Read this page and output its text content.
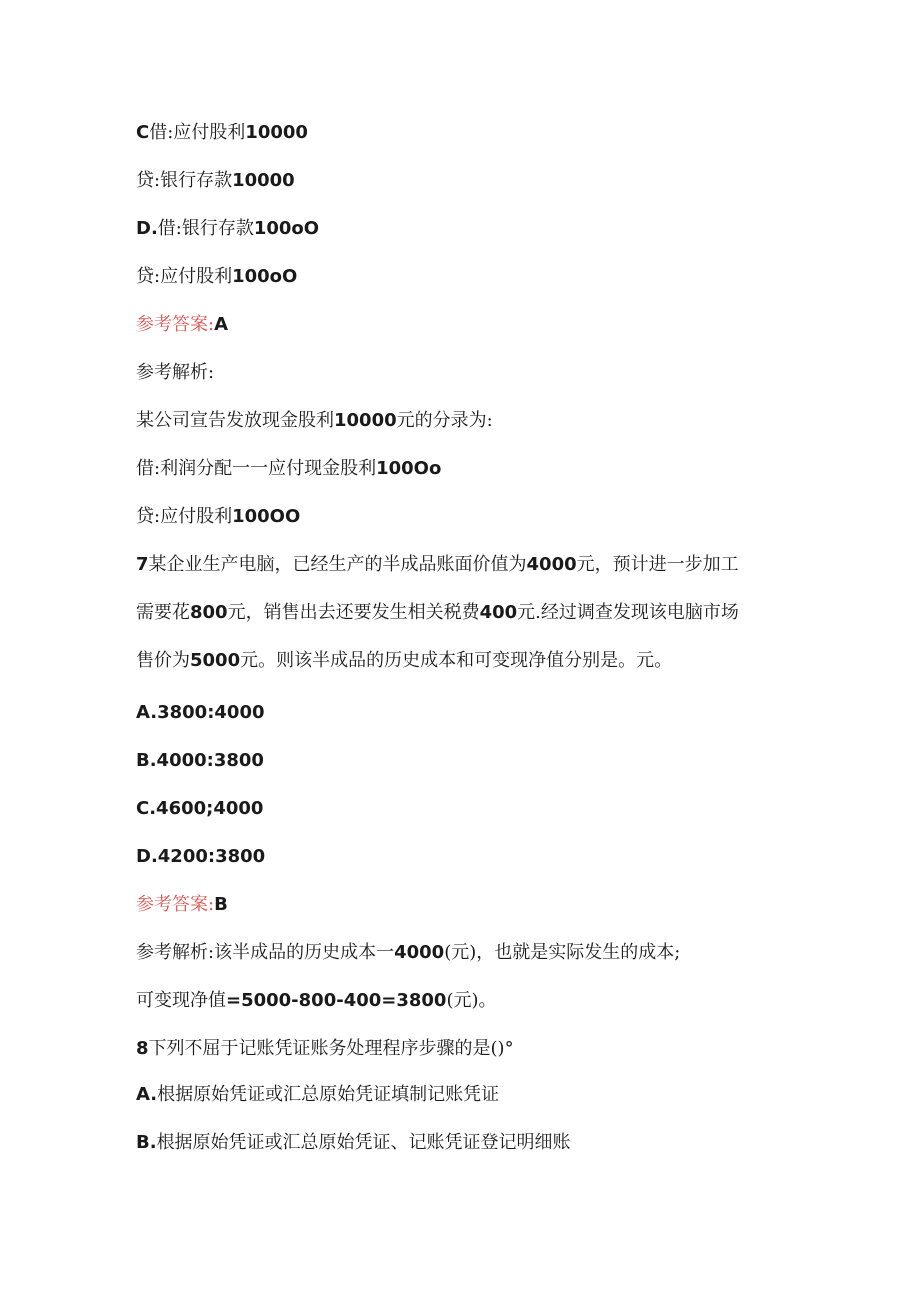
C借:应付股利10000
贷:银行存款10000
D.借:银行存款100oO
贷:应付股利100oO
参考答案:A
参考解析:
某公司宣告发放现金股利10000元的分录为:
借:利润分配一一应付现金股利100Oo
贷:应付股利100OO
7某企业生产电脑，已经生产的半成品账面价值为4000元，预计进一步加工
需要花800元，销售出去还要发生相关税费400元.经过调查发现该电脑市场
售价为5000元。则该半成品的历史成本和可变现净值分别是。元。
A.3800:4000
B.4000:3800
C.4600;4000
D.4200:3800
参考答案:B
参考解析:该半成品的历史成本一4000(元)，也就是实际发生的成本;
可变现净值=5000-800-400=3800(元)。
8下列不屈于记账凭证账务处理程序步骤的是()°
A.根据原始凭证或汇总原始凭证填制记账凭证
B.根据原始凭证或汇总原始凭证、记账凭证登记明细账
